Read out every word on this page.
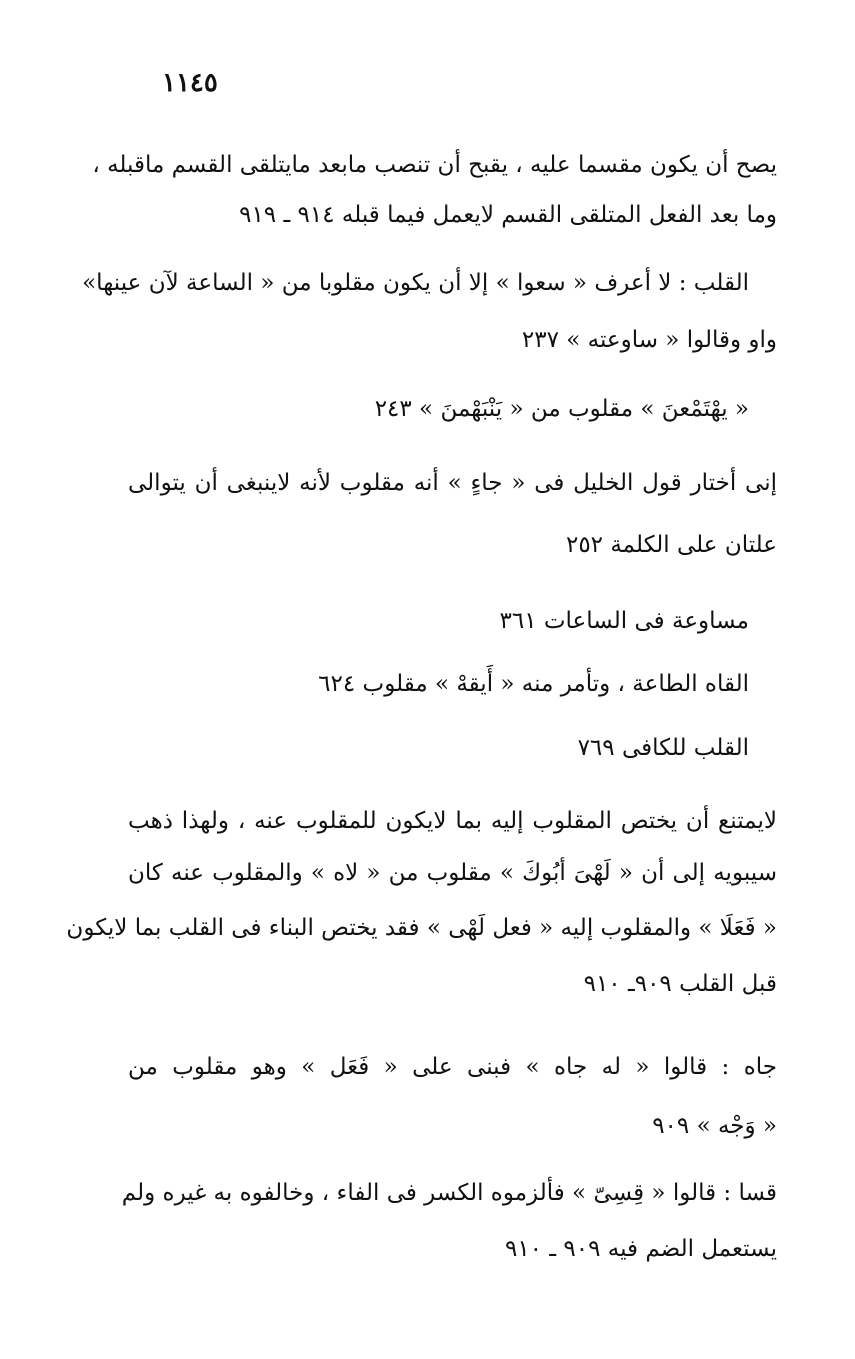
١١٤٥
يصح أن يكون مقسما عليه ، يقبح أن تنصب مابعد مايتلقى القسم ماقبله ،
وما بعد الفعل المتلقى القسم لايعمل فيما قبله ٩١٤ ـ ٩١٩
القلب : لا أعرف « سعوا » إلا أن يكون مقلوبا من « الساعة لآن عينها»
واو وقالوا « ساوعته » ٢٣٧
« يهْتَمْعنَ » مقلوب من « يَنْبَهْمنَ » ٢٤٣
إنى أختار قول الخليل فى « جاءٍ » أنه مقلوب لأنه لاينبغى أن يتوالى
علتان على الكلمة ٢٥٢
مساوعة فى الساعات ٣٦١
القاه الطاعة ، وتأمر منه « أَيقهْ » مقلوب ٦٢٤
القلب للكافى ٧٦٩
لايمتنع أن يختص المقلوب إليه بما لايكون للمقلوب عنه ، ولهذا ذهب
سيبويه إلى أن « لَهْىَ أبُوكَ » مقلوب من « لاه » والمقلوب عنه كان
« فَعَلَا » والمقلوب إليه « فعل لَهْى » فقد يختص البناء فى القلب بما لايكون
قبل القلب ٩٠٩ـ ٩١٠
جاه : قالوا « له جاه » فبنى على « فَعَل » وهو مقلوب من
« وَجْه » ٩٠٩
قسا : قالوا « قِسِىّ » فألزموه الكسر فى الفاء ، وخالفوه به غيره ولم
يستعمل الضم فيه ٩٠٩ ـ ٩١٠
